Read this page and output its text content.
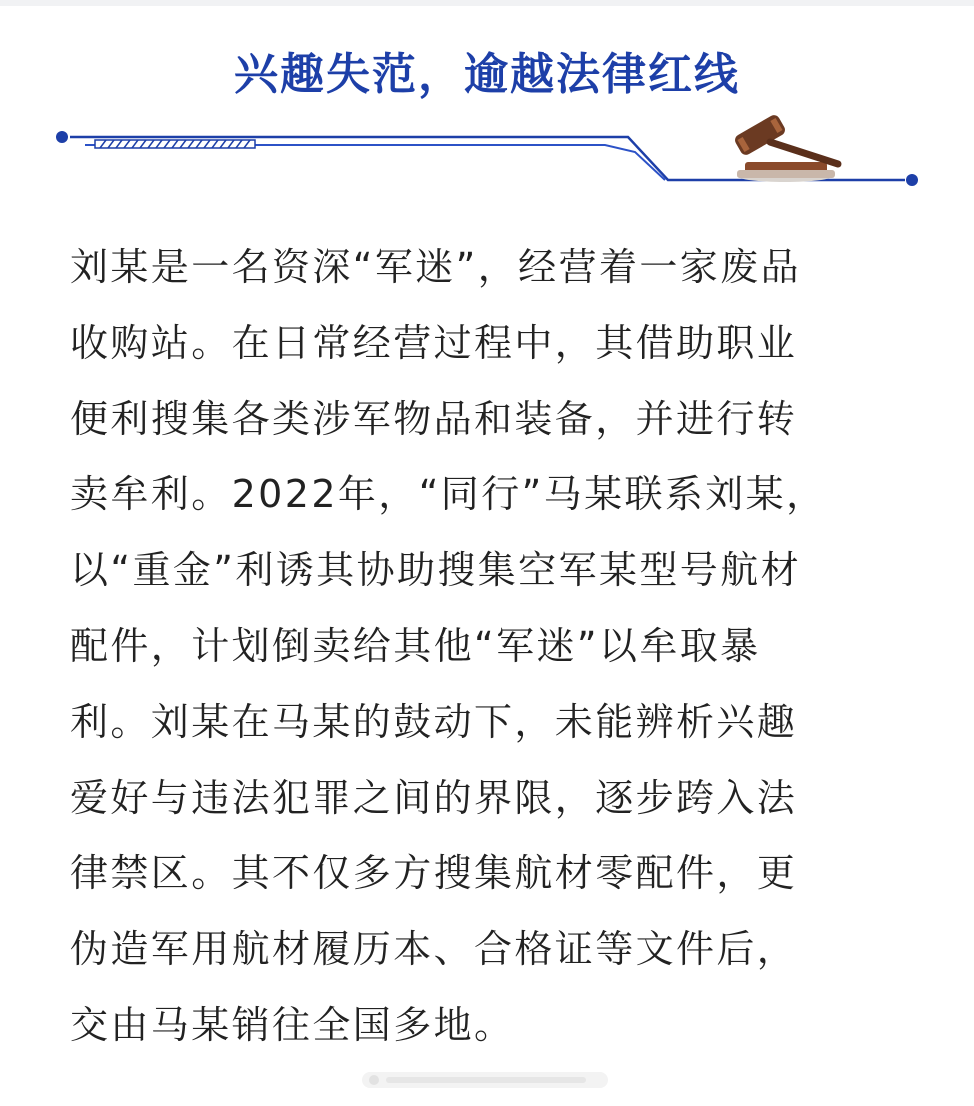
兴趣失范，逾越法律红线
刘某是一名资深“军迷”，经营着一家废品
收购站。在日常经营过程中，其借助职业
便利搜集各类涉军物品和装备，并进行转
卖牟利。2022年，“同行”马某联系刘某，
以“重金”利诱其协助搜集空军某型号航材
配件，计划倒卖给其他“军迷”以牟取暴
利。刘某在马某的鼓动下，未能辨析兴趣
爱好与违法犯罪之间的界限，逐步跨入法
律禁区。其不仅多方搜集航材零配件，更
伪造军用航材履历本、合格证等文件后，
交由马某销往全国多地。
